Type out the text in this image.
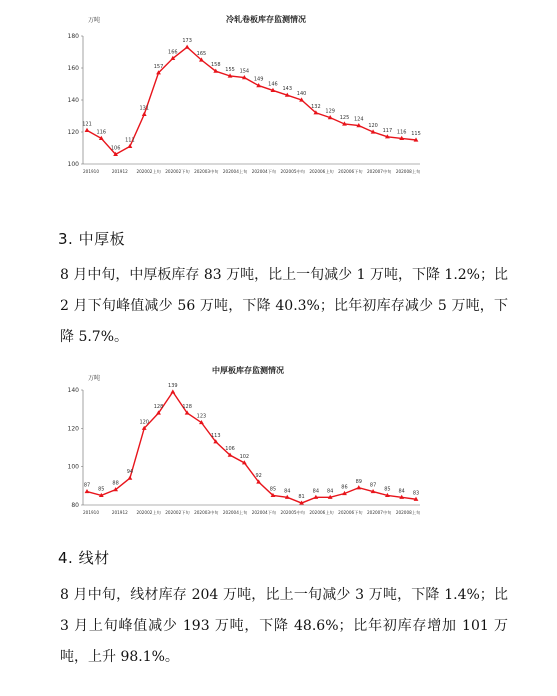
冷轧卷板库存监测情况
万吨
100
120
140
160
180
201910	201912 202002上旬 202002下旬 202003中旬 202004上旬 202004下旬 202005中旬 202006上旬 202006下旬 202007中旬 202008上旬
121
116
106
111
131
157
166
173
165
158
155 154
149
146
143
140
132
129
125 124
120
117 116 115
3. 中厚板

8 月中旬，中厚板库存 83 万吨，比上一旬减少 1 万吨，下降 1.2%；比 2 月下旬峰值减少 56 万吨，下降 40.3%；比年初库存减少 5 万吨，下降 5.7%。

中厚板库存监测情况
万吨
80
100
120
140
201910	201912 202002上旬 202002下旬 202003中旬 202004上旬 202004下旬 202005中旬 202006上旬 202006下旬 202007中旬 202008上旬
87
85
88
94
120
128
139
128
123
113
106
102
92
85 84
81
84 84
86
89
87
85 84 83
4. 线材

8 月中旬，线材库存 204 万吨，比上一旬减少 3 万吨，下降 1.4%；比 3 月上旬峰值减少 193 万吨，下降 48.6%；比年初库存增加 101 万吨，上升 98.1%。
